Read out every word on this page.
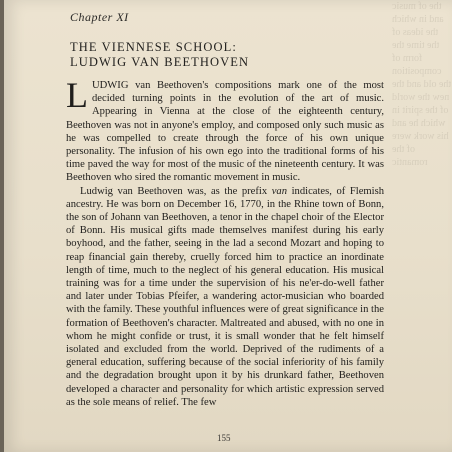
the of music and in which the ideas of the time the form of composition the old and the new the world of the spirit in which he and his work were of the romantic
Chapter XI
THE VIENNESE SCHOOL:
LUDWIG VAN BEETHOVEN

LUDWIG van Beethoven's compositions mark one of the most decided turning points in the evolution of the art of music. Appearing in Vienna at the close of the eighteenth century, Beethoven was not in anyone's employ, and composed only such music as he was compelled to create through the force of his own unique personality. The infusion of his own ego into the traditional forms of his time paved the way for most of the music of the nineteenth century. It was Beethoven who sired the romantic movement in music.

Ludwig van Beethoven was, as the prefix van indicates, of Flemish ancestry. He was born on December 16, 1770, in the Rhine town of Bonn, the son of Johann van Beethoven, a tenor in the chapel choir of the Elector of Bonn. His musical gifts made themselves manifest during his early boyhood, and the father, seeing in the lad a second Mozart and hoping to reap financial gain thereby, cruelly forced him to practice an inordinate length of time, much to the neglect of his general education. His musical training was for a time under the supervision of his ne'er-do-well father and later under Tobias Pfeifer, a wandering actor-musician who boarded with the family. These youthful influences were of great significance in the formation of Beethoven's character. Maltreated and abused, with no one in whom he might confide or trust, it is small wonder that he felt himself isolated and excluded from the world. Deprived of the rudiments of a general education, suffering because of the social inferiority of his family and the degradation brought upon it by his drunkard father, Beethoven developed a character and personality for which artistic expression served as the sole means of relief. The few

155
